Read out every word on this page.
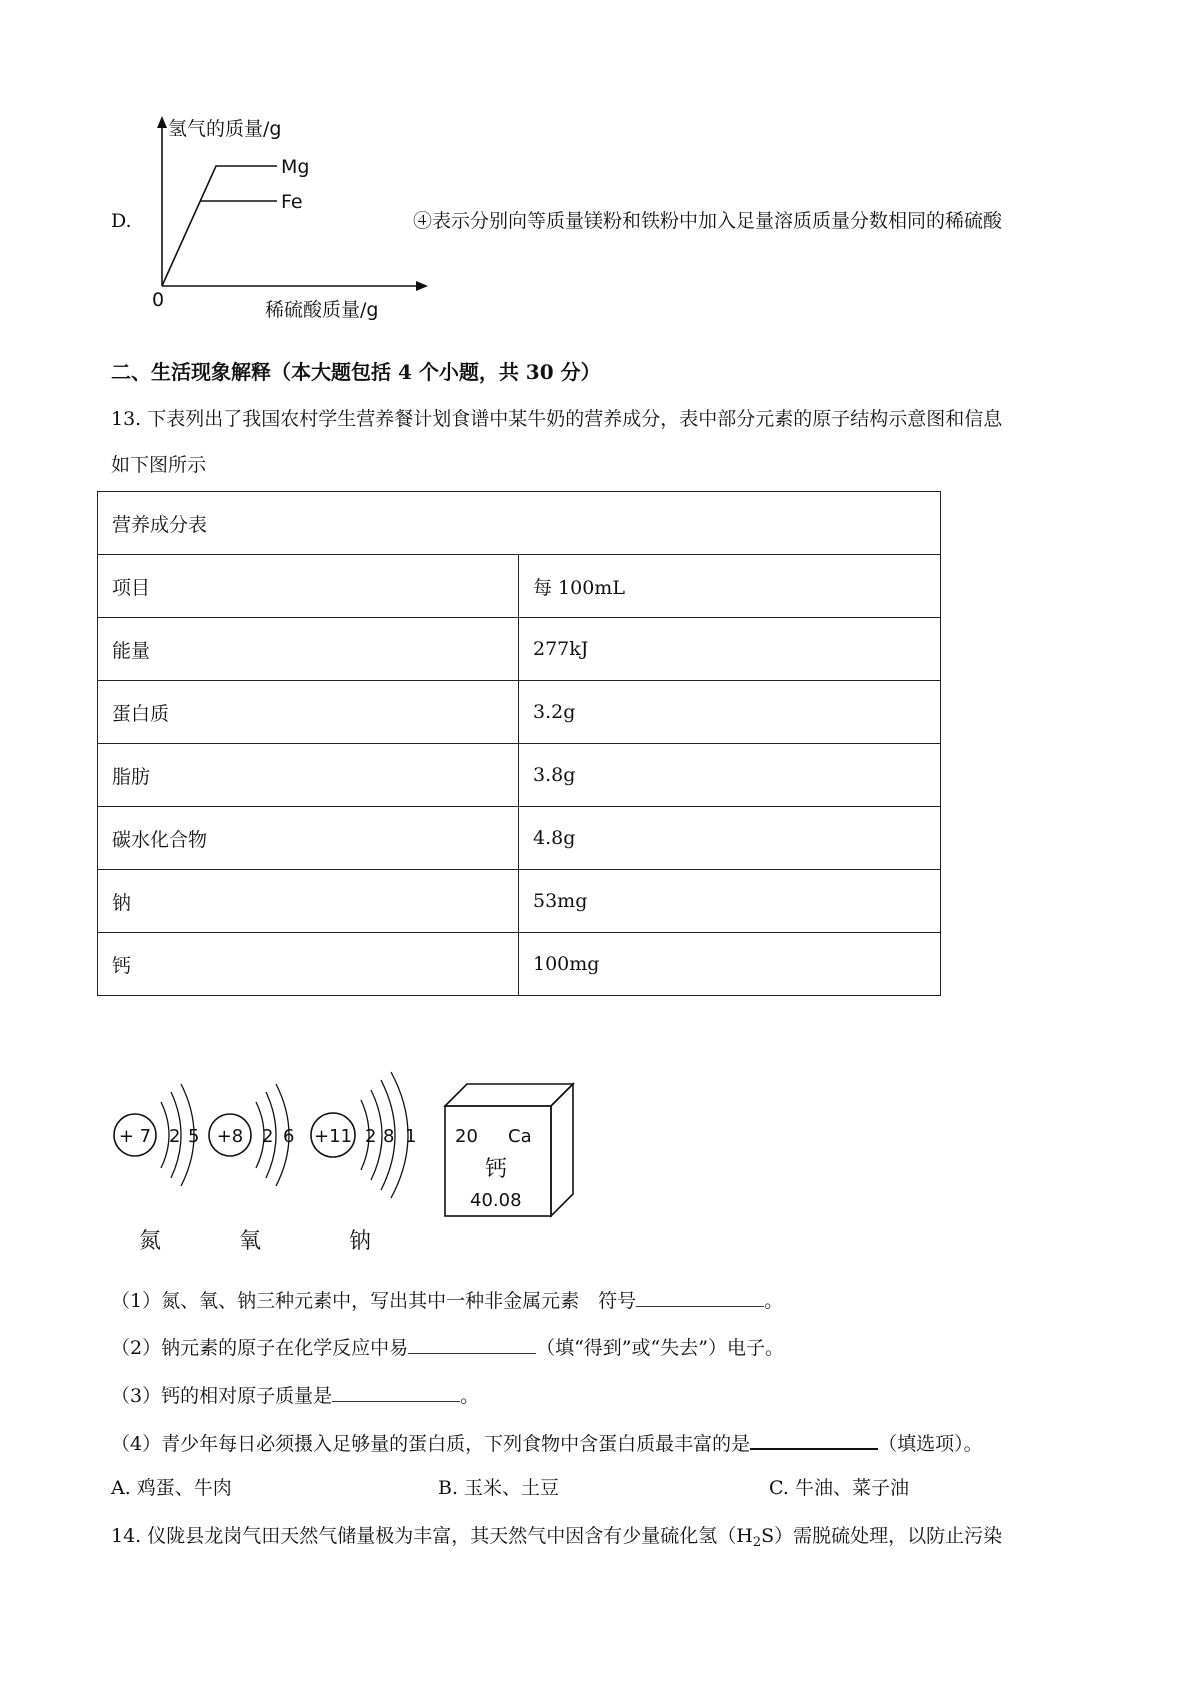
D.
氢气的质量/g
Mg
Fe
0	稀硫酸质量/g
④表示分别向等质量镁粉和铁粉中加入足量溶质质量分数相同的稀硫酸
二、生活现象解释（本大题包括 4 个小题，共 30 分）
13. 下表列出了我国农村学生营养餐计划食谱中某牛奶的营养成分，表中部分元素的原子结构示意图和信息
如下图所示
营养成分表	
项目	每 100mL
能量	277kJ
蛋白质	3.2g
脂肪	3.8g
碳水化合物	4.8g
钠	53mg
钙	100mg
+ 7 2 5
氮
+8 2 6
氧
+11 2 8 1
钠
20 Ca
钙
40.08
（1）氮、氧、钠三种元素中，写出其中一种非金属元素　符号	。
（2）钠元素的原子在化学反应中易	（填“得到”或“失去”）电子。
（3）钙的相对原子质量是	。
（4）青少年每日必须摄入足够量的蛋白质，下列食物中含蛋白质最丰富的是	（填选项）。
A. 鸡蛋、牛肉	B. 玉米、土豆	C. 牛油、菜子油
14. 仪陇县龙岗气田天然气储量极为丰富，其天然气中因含有少量硫化氢$(H_2S)$需脱硫处理，以防止污染
